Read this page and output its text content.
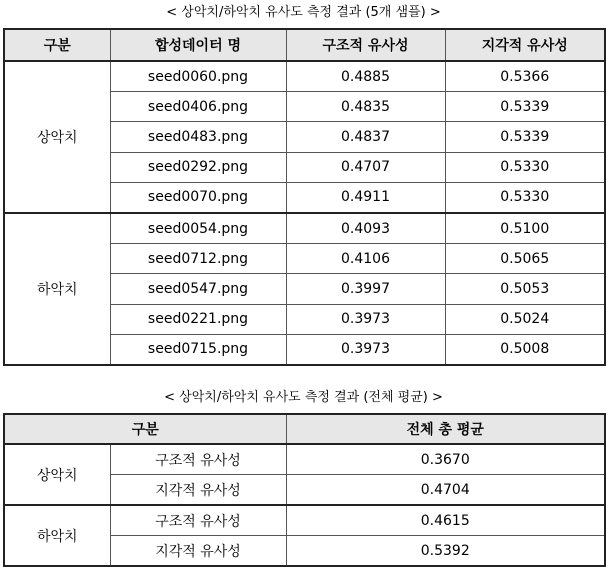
< 상악치/하악치 유사도 측정 결과 (5개 샘플) >
구분	합성데이터 명	구조적 유사성	지각적 유사성
상악치	seed0060.png	0.4885	0.5366
	seed0406.png	0.4835	0.5339
	seed0483.png	0.4837	0.5339
	seed0292.png	0.4707	0.5330
	seed0070.png	0.4911	0.5330
하악치	seed0054.png	0.4093	0.5100
	seed0712.png	0.4106	0.5065
	seed0547.png	0.3997	0.5053
	seed0221.png	0.3973	0.5024
	seed0715.png	0.3973	0.5008
< 상악치/하악치 유사도 측정 결과 (전체 평균) >
구분		전체 총 평균
상악치	구조적 유사성	0.3670
	지각적 유사성	0.4704
하악치	구조적 유사성	0.4615
	지각적 유사성	0.5392
